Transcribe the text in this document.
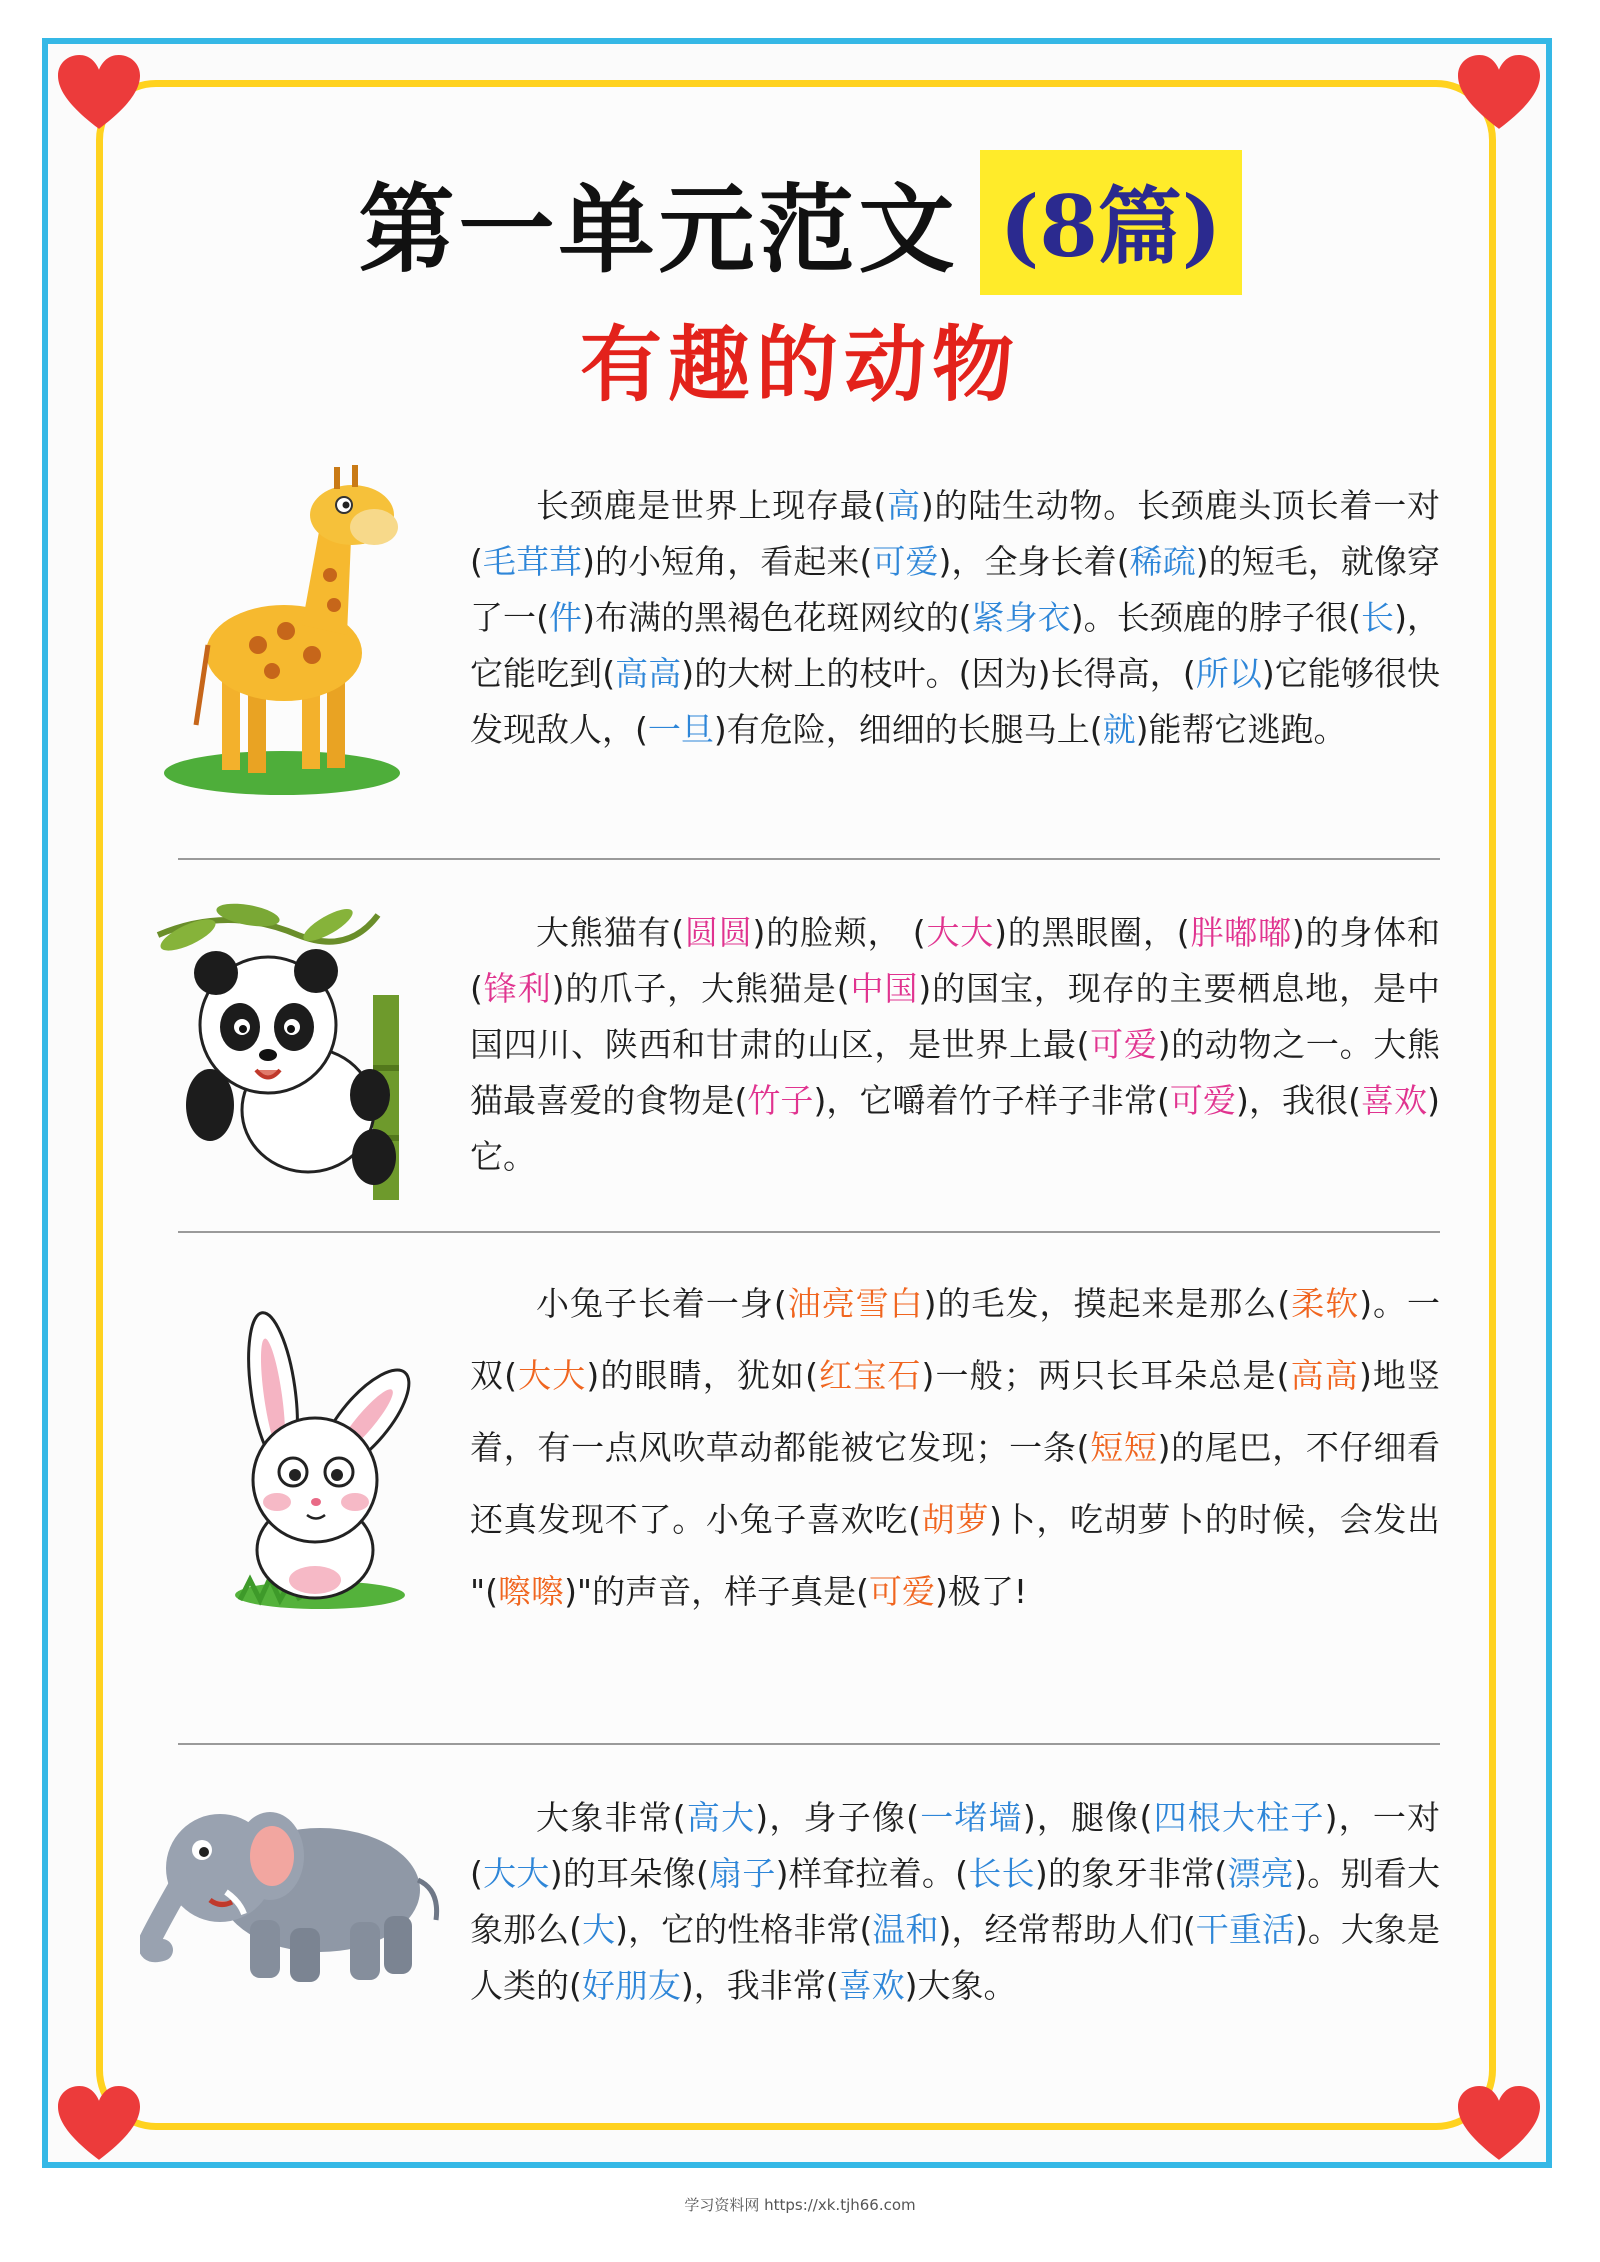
第一单元范文 (8篇)
有趣的动物

长颈鹿是世界上现存最(高)的陆生动物。长颈鹿头顶长着一对(毛茸茸)的小短角，看起来(可爱)，全身长着(稀疏)的短毛，就像穿了一(件)布满的黑褐色花斑网纹的(紧身衣)。长颈鹿的脖子很(长)，它能吃到(高高)的大树上的枝叶。(因为)长得高，(所以)它能够很快发现敌人，(一旦)有危险，细细的长腿马上(就)能帮它逃跑。

大熊猫有(圆圆)的脸颊， (大大)的黑眼圈，(胖嘟嘟)的身体和(锋利)的爪子，大熊猫是(中国)的国宝，现存的主要栖息地，是中国四川、陕西和甘肃的山区，是世界上最(可爱)的动物之一。大熊猫最喜爱的食物是(竹子)，它嚼着竹子样子非常(可爱)，我很(喜欢)它。

小兔子长着一身(油亮雪白)的毛发，摸起来是那么(柔软)。一双(大大)的眼睛，犹如(红宝石)一般；两只长耳朵总是(高高)地竖着，有一点风吹草动都能被它发现；一条(短短)的尾巴，不仔细看还真发现不了。小兔子喜欢吃(胡萝)卜，吃胡萝卜的时候，会发出 "(嚓嚓)"的声音，样子真是(可爱)极了!

大象非常(高大)，身子像(一堵墙)，腿像(四根大柱子)，一对(大大)的耳朵像(扇子)样耷拉着。(长长)的象牙非常(漂亮)。别看大象那么(大)，它的性格非常(温和)，经常帮助人们(干重活)。大象是人类的(好朋友)，我非常(喜欢)大象。

学习资料网 https://xk.tjh66.com
